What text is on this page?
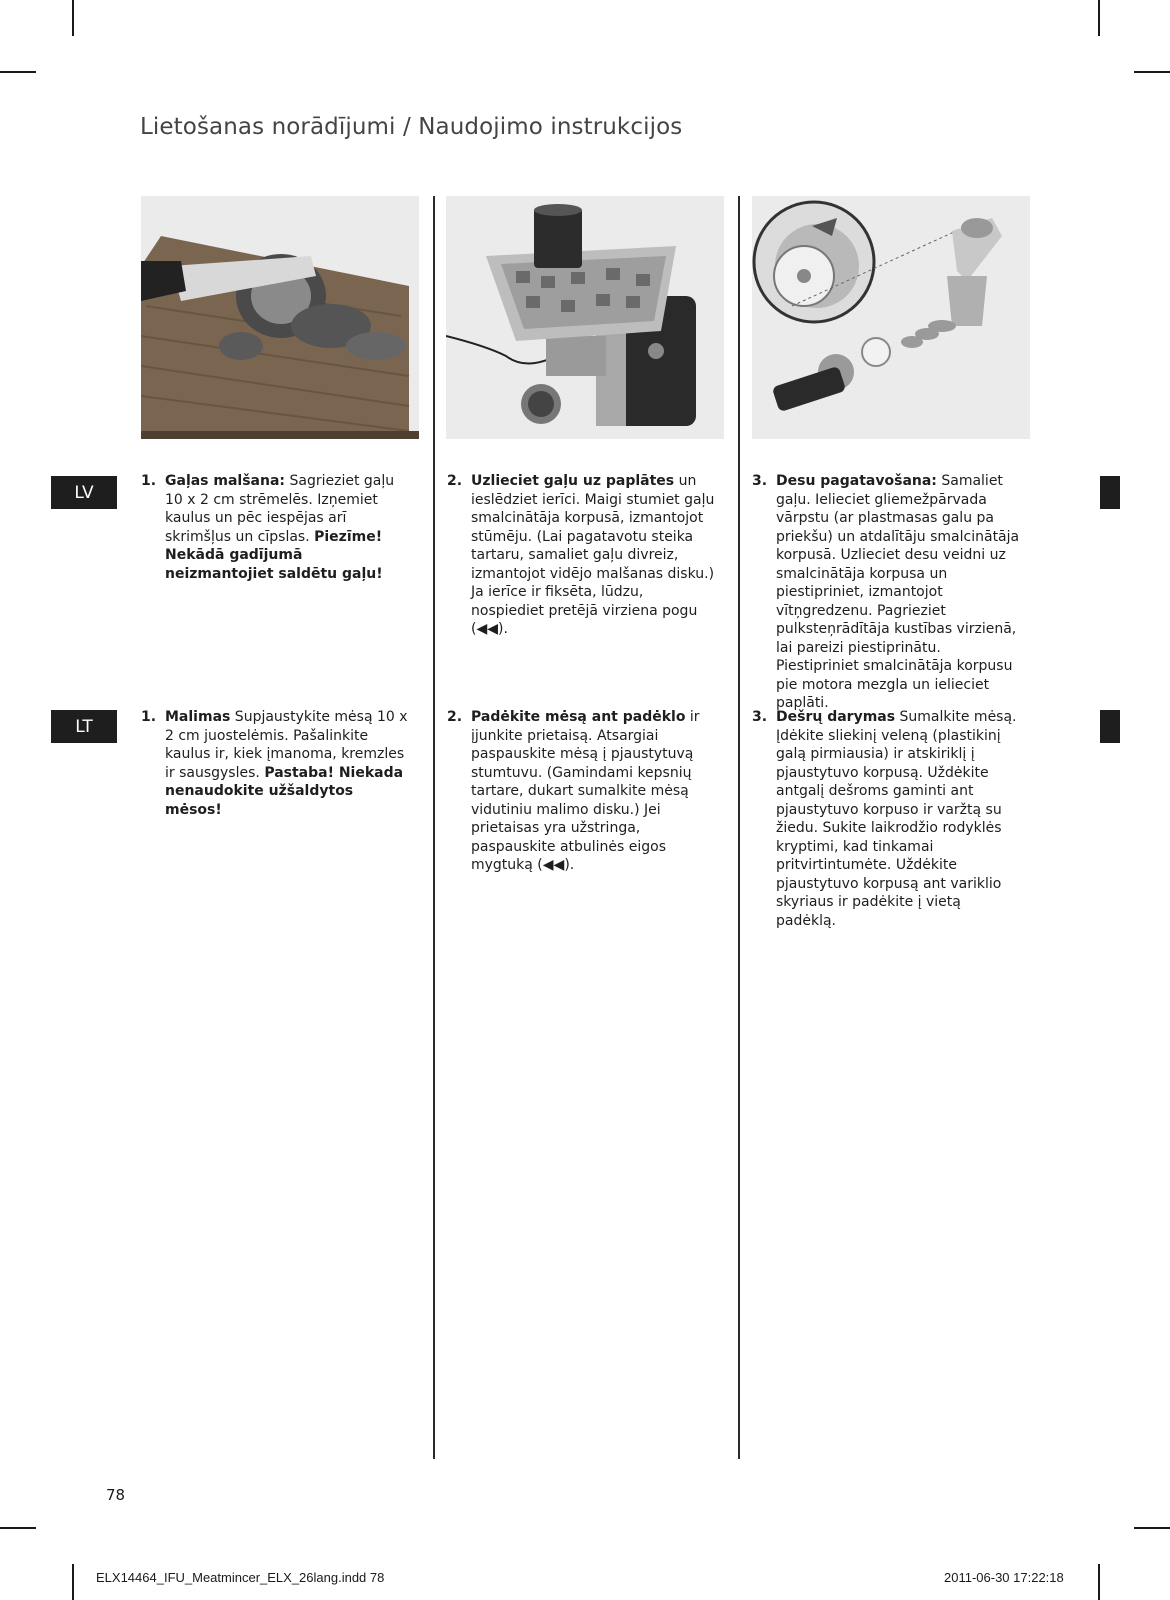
Lietošanas norādījumi / Naudojimo instrukcijos
LV
LT
1. Gaļas malšana: Sagrieziet gaļu 10 x 2 cm strēmelēs. Izņemiet kaulus un pēc iespējas arī skrimšļus un cīpslas. Piezīme! Nekādā gadījumā neizmantojiet saldētu gaļu!
2. Uzlieciet gaļu uz paplātes un ieslēdziet ierīci. Maigi stumiet gaļu smalcinātāja korpusā, izmantojot stūmēju. (Lai pagatavotu steika tartaru, samaliet gaļu divreiz, izmantojot vidējo malšanas disku.) Ja ierīce ir fiksēta, lūdzu, nospiediet pretējā virziena pogu (◀◀).
3. Desu pagatavošana: Samaliet gaļu. Ielieciet gliemežpārvada vārpstu (ar plastmasas galu pa priekšu) un atdalītāju smalcinātāja korpusā. Uzlieciet desu veidni uz smalcinātāja korpusa un piestipriniet, izmantojot vītņgredzenu. Pagrieziet pulksteņrādītāja kustības virzienā, lai pareizi piestiprinātu. Piestipriniet smalcinātāja korpusu pie motora mezgla un ielieciet paplāti.
1. Malimas Supjaustykite mėsą 10 x 2 cm juostelėmis. Pašalinkite kaulus ir, kiek įmanoma, kremzles ir sausgysles. Pastaba! Niekada nenaudokite užšaldytos mėsos!
2. Padėkite mėsą ant padėklo ir įjunkite prietaisą. Atsargiai paspauskite mėsą į pjaustytuvą stumtuvu. (Gamindami kepsnių tartare, dukart sumalkite mėsą vidutiniu malimo disku.) Jei prietaisas yra užstringa, paspauskite atbulinės eigos mygtuką (◀◀).
3. Dešrų darymas Sumalkite mėsą. Įdėkite sliekinį veleną (plastikinį galą pirmiausia) ir atskiriklį į pjaustytuvo korpusą. Uždėkite antgalį dešroms gaminti ant pjaustytuvo korpuso ir varžtą su žiedu. Sukite laikrodžio rodyklės kryptimi, kad tinkamai pritvirtintumėte. Uždėkite pjaustytuvo korpusą ant variklio skyriaus ir padėkite į vietą padėklą.
78
ELX14464_IFU_Meatmincer_ELX_26lang.indd 78	2011-06-30 17:22:18
